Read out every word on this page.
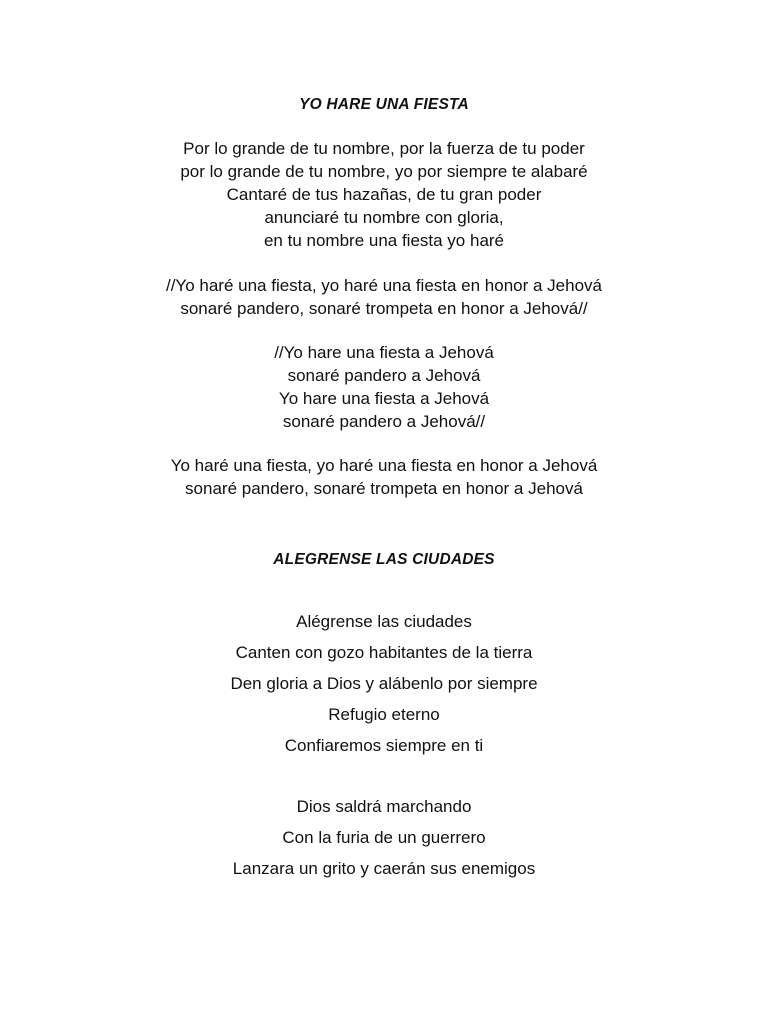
YO HARE UNA FIESTA

Por lo grande de tu nombre, por la fuerza de tu poder
por lo grande de tu nombre, yo por siempre te alabaré
Cantaré de tus hazañas, de tu gran poder
anunciaré tu nombre con gloria,
en tu nombre una fiesta yo haré

//Yo haré una fiesta, yo haré una fiesta en honor a Jehová
sonaré pandero, sonaré trompeta en honor a Jehová//

//Yo hare una fiesta a Jehová
sonaré pandero a Jehová
Yo hare una fiesta a Jehová
sonaré pandero a Jehová//

Yo haré una fiesta, yo haré una fiesta en honor a Jehová
sonaré pandero, sonaré trompeta en honor a Jehová

ALEGRENSE LAS CIUDADES

Alégrense las ciudades
Canten con gozo habitantes de la tierra
Den gloria a Dios y alábenlo por siempre
Refugio eterno
Confiaremos siempre en ti

Dios saldrá marchando
Con la furia de un guerrero
Lanzara un grito y caerán sus enemigos
